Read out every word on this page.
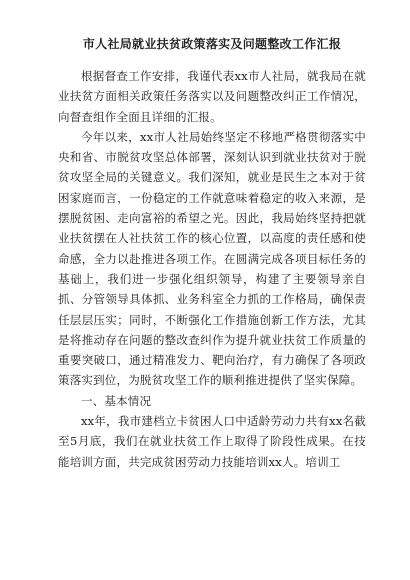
市人社局就业扶贫政策落实及问题整改工作汇报

根据督查工作安排，我谨代表xx市人社局，就我局在就业扶贫方面相关政策任务落实以及问题整改纠正工作情况，向督查组作全面且详细的汇报。

今年以来，xx市人社局始终坚定不移地严格贯彻落实中央和省、市脱贫攻坚总体部署，深刻认识到就业扶贫对于脱贫攻坚全局的关键意义。我们深知，就业是民生之本对于贫困家庭而言，一份稳定的工作就意味着稳定的收入来源，是摆脱贫困、走向富裕的希望之光。因此，我局始终坚持把就业扶贫摆在人社扶贫工作的核心位置，以高度的责任感和使命感，全力以赴推进各项工作。在圆满完成各项目标任务的基础上，我们进一步强化组织领导，构建了主要领导亲自抓、分管领导具体抓、业务科室全力抓的工作格局，确保责任层层压实；同时，不断强化工作措施创新工作方法，尤其是将推动存在问题的整改查纠作为提升就业扶贫工作质量的重要突破口，通过精准发力、靶向治疗，有力确保了各项政策落实到位，为脱贫攻坚工作的顺利推进提供了坚实保障。

一、基本情况

xx年，我市建档立卡贫困人口中适龄劳动力共有xx名截至5月底，我们在就业扶贫工作上取得了阶段性成果。在技能培训方面，共完成贫困劳动力技能培训xx人。培训工
